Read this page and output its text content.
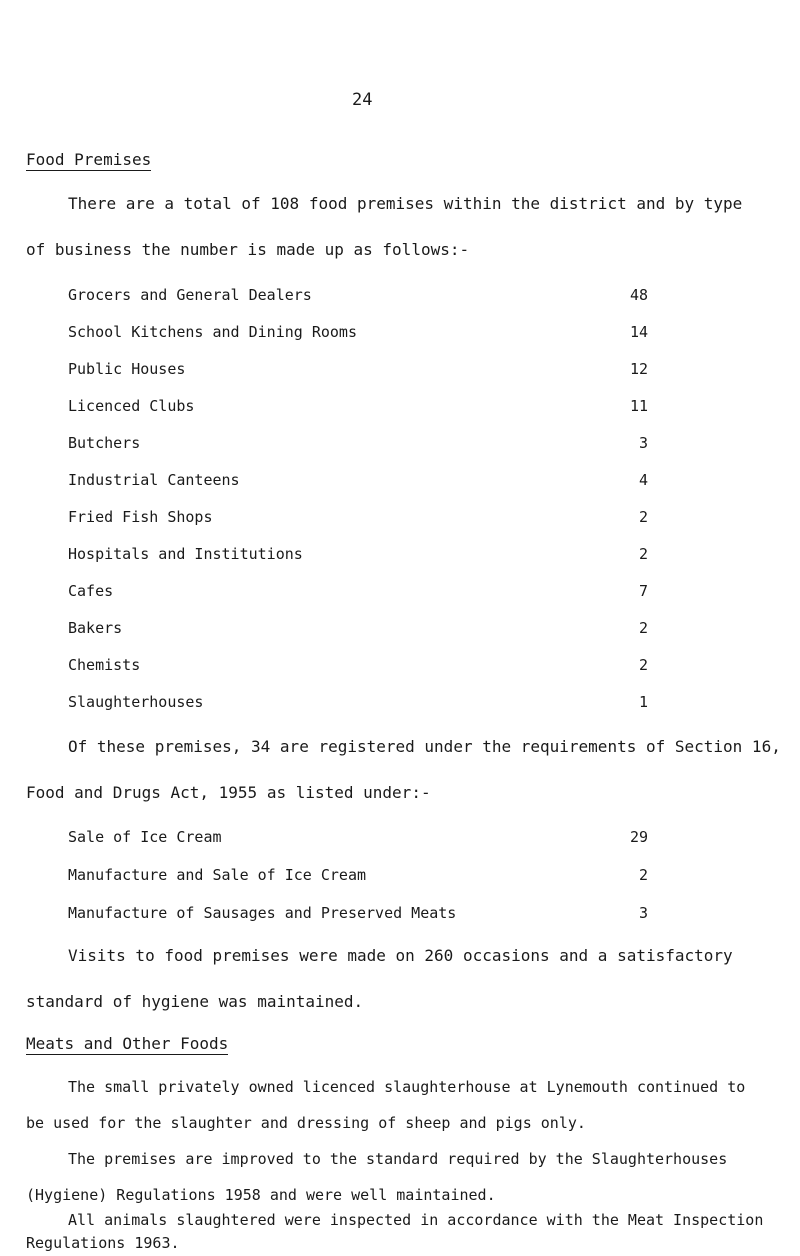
24
Food Premises
There are a total of 108 food premises within the district and by type
of business the number is made up as follows:-
Grocers and General Dealers	48
School Kitchens and Dining Rooms	14
Public Houses	12
Licenced Clubs	11
Butchers	3
Industrial Canteens	4
Fried Fish Shops	2
Hospitals and Institutions	2
Cafes	7
Bakers	2
Chemists	2
Slaughterhouses	1
Of these premises, 34 are registered under the requirements of Section 16,
Food and Drugs Act, 1955 as listed under:-
Sale of Ice Cream	29
Manufacture and Sale of Ice Cream	2
Manufacture of Sausages and Preserved Meats	3
Visits to food premises were made on 260 occasions and a satisfactory
standard of hygiene was maintained.
Meats and Other Foods
The small privately owned licenced slaughterhouse at Lynemouth continued to
be used for the slaughter and dressing of sheep and pigs only.
The premises are improved to the standard required by the Slaughterhouses
(Hygiene) Regulations 1958 and were well maintained.
All animals slaughtered were inspected in accordance with the Meat Inspection
Regulations 1963.
